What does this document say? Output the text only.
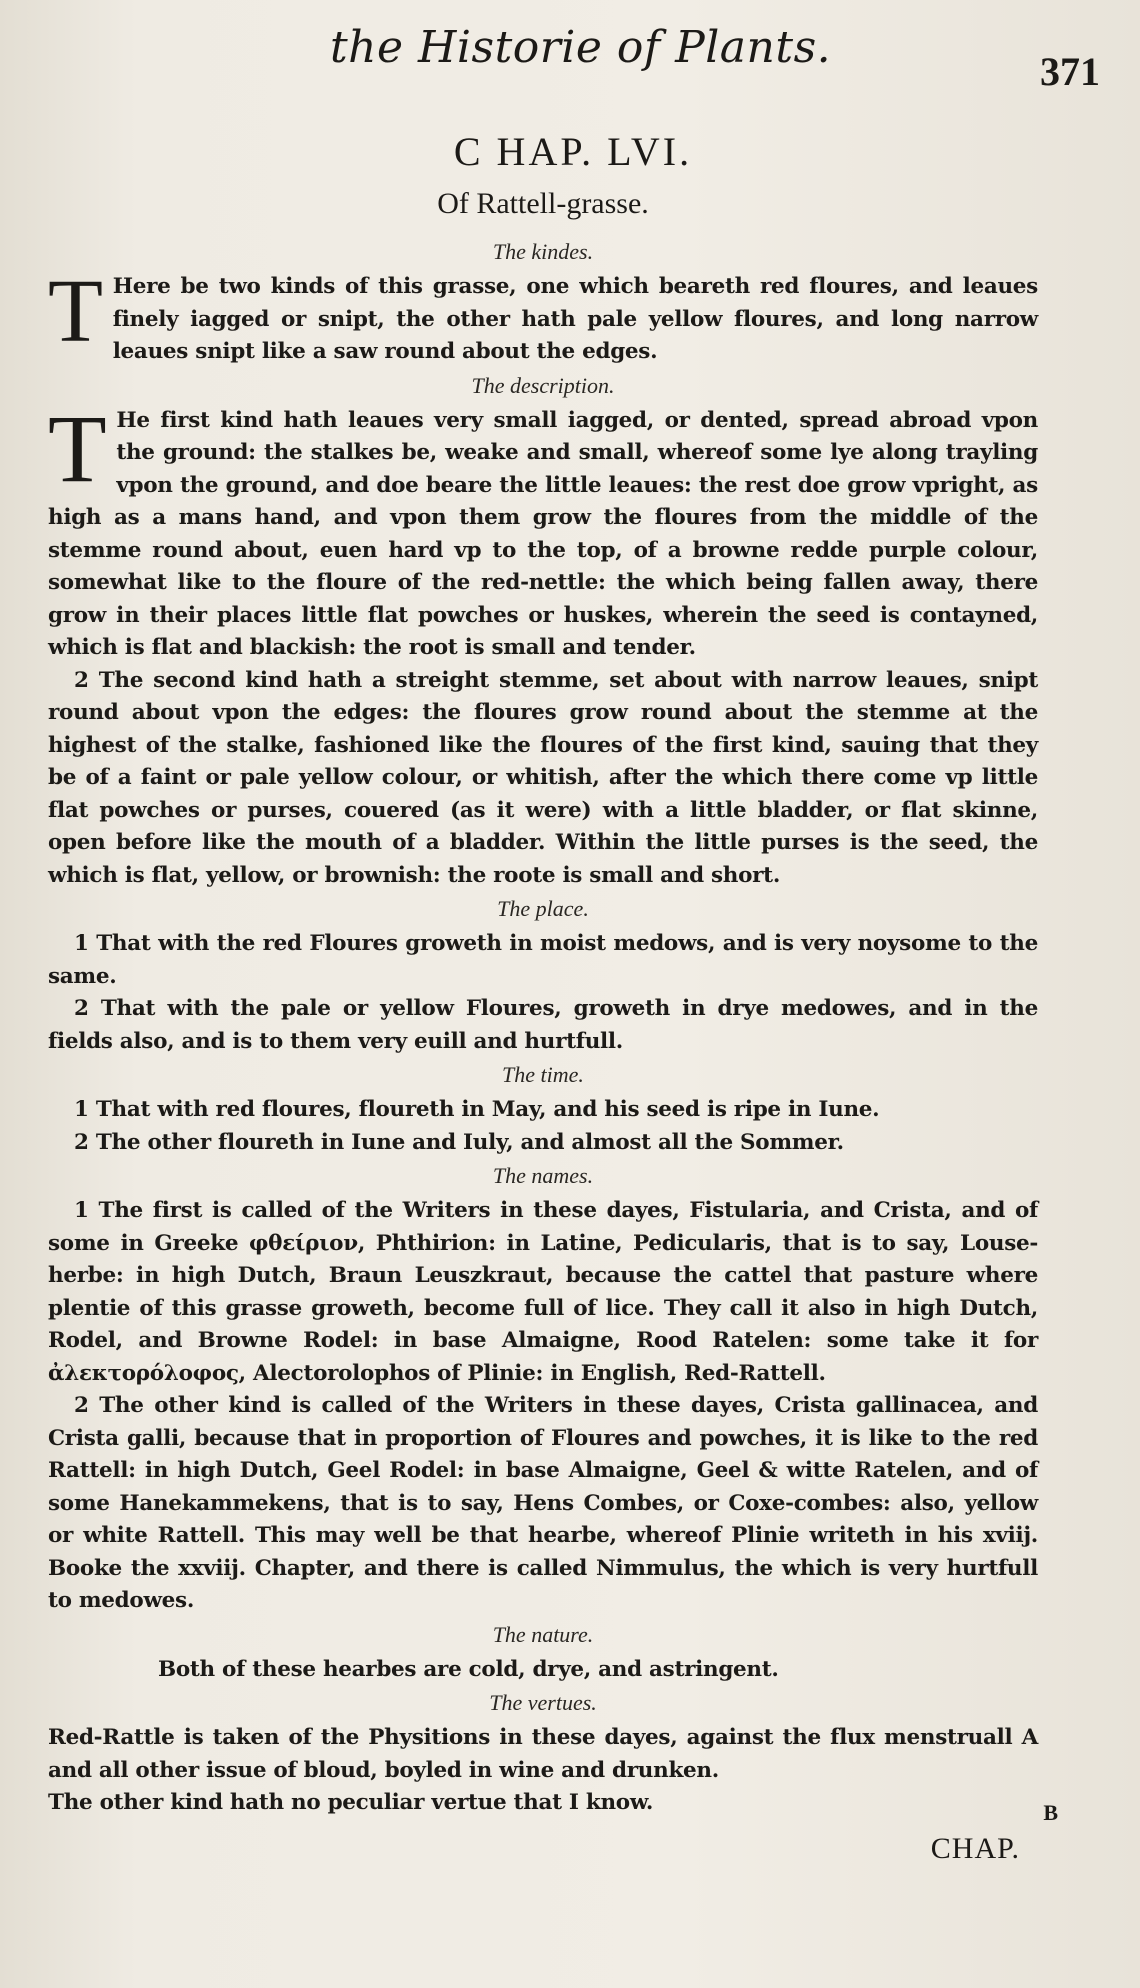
the Historie of Plants.	371
C HAP. LVI.
Of Rattell-grasse.
The kindes.

T Here be two kinds of this grasse, one which beareth red floures, and leaues finely iagged or snipt, the other hath pale yellow floures, and long narrow leaues snipt like a saw round about the edges.

The description.

T He first kind hath leaues very small iagged, or dented, spread abroad vpon the ground: the stalkes be, weake and small, whereof some lye along trayling vpon the ground, and doe beare the little leaues: the rest doe grow vpright, as high as a mans hand, and vpon them grow the floures from the middle of the stemme round about, euen hard vp to the top, of a browne redde purple colour, somewhat like to the floure of the red-nettle: the which being fallen away, there grow in their places little flat powches or huskes, wherein the seed is contayned, which is flat and blackish: the root is small and tender.

2 The second kind hath a streight stemme, set about with narrow leaues, snipt round about vpon the edges: the floures grow round about the stemme at the highest of the stalke, fashioned like the floures of the first kind, sauing that they be of a faint or pale yellow colour, or whitish, after the which there come vp little flat powches or purses, couered (as it were) with a little bladder, or flat skinne, open before like the mouth of a bladder. Within the little purses is the seed, the which is flat, yellow, or brownish: the roote is small and short.

The place.

1 That with the red Floures groweth in moist medows, and is very noysome to the same.

2 That with the pale or yellow Floures, groweth in drye medowes, and in the fields also, and is to them very euill and hurtfull.

The time.

1 That with red floures, floureth in May, and his seed is ripe in Iune.

2 The other floureth in Iune and Iuly, and almost all the Sommer.

The names.

1 The first is called of the Writers in these dayes, Fistularia, and Crista, and of some in Greeke φθείριον, Phthirion: in Latine, Pedicularis, that is to say, Louse-herbe: in high Dutch, Braun Leuszkraut, because the cattel that pasture where plentie of this grasse groweth, become full of lice. They call it also in high Dutch, Rodel, and Browne Rodel: in base Almaigne, Rood Ratelen: some take it for ἀλεκτορόλοφος, Alectorolophos of Plinie: in English, Red-Rattell.

2 The other kind is called of the Writers in these dayes, Crista gallinacea, and Crista galli, because that in proportion of Floures and powches, it is like to the red Rattell: in high Dutch, Geel Rodel: in base Almaigne, Geel & witte Ratelen, and of some Hanekammekens, that is to say, Hens Combes, or Coxe-combes: also, yellow or white Rattell. This may well be that hearbe, whereof Plinie writeth in his xviij. Booke the xxviij. Chapter, and there is called Nimmulus, the which is very hurtfull to medowes.

The nature.

Both of these hearbes are cold, drye, and astringent.

The vertues.

Red-Rattle is taken of the Physitions in these dayes, against the flux menstruall A and all other issue of bloud, boyled in wine and drunken.

The other kind hath no peculiar vertue that I know.	B
CHAP.
